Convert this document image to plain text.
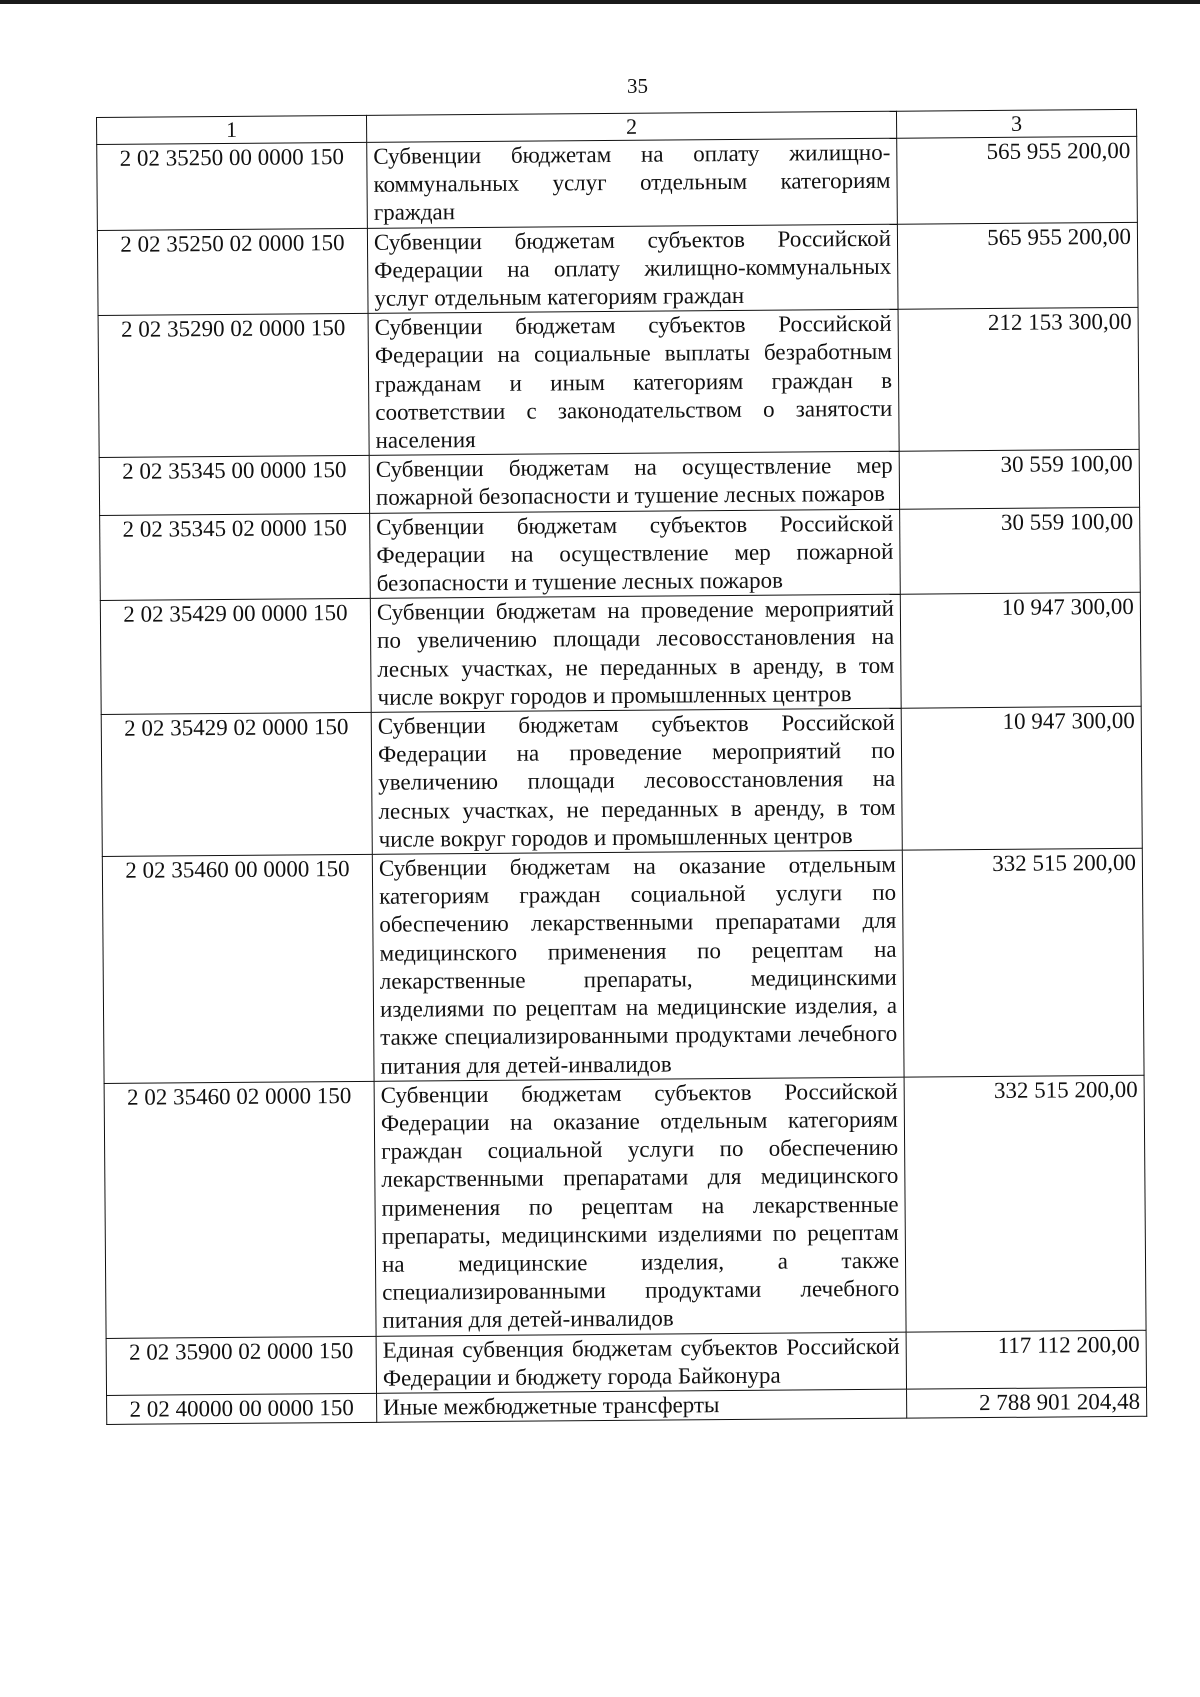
35
1	2	3
2 02 35250 00 0000 150	Субвенции бюджетам на оплату жилищно-коммунальных услуг отдельным категориям граждан	565 955 200,00
2 02 35250 02 0000 150	Субвенции бюджетам субъектов Российской Федерации на оплату жилищно-коммунальных услуг отдельным категориям граждан	565 955 200,00
2 02 35290 02 0000 150	Субвенции бюджетам субъектов Российской Федерации на социальные выплаты безработным гражданам и иным категориям граждан в соответствии с законодательством о занятости населения	212 153 300,00
2 02 35345 00 0000 150	Субвенции бюджетам на осуществление мер пожарной безопасности и тушение лесных пожаров	30 559 100,00
2 02 35345 02 0000 150	Субвенции бюджетам субъектов Российской Федерации на осуществление мер пожарной безопасности и тушение лесных пожаров	30 559 100,00
2 02 35429 00 0000 150	Субвенции бюджетам на проведение мероприятий по увеличению площади лесовосстановления на лесных участках, не переданных в аренду, в том числе вокруг городов и промышленных центров	10 947 300,00
2 02 35429 02 0000 150	Субвенции бюджетам субъектов Российской Федерации на проведение мероприятий по увеличению площади лесовосстановления на лесных участках, не переданных в аренду, в том числе вокруг городов и промышленных центров	10 947 300,00
2 02 35460 00 0000 150	Субвенции бюджетам на оказание отдельным категориям граждан социальной услуги по обеспечению лекарственными препаратами для медицинского применения по рецептам на лекарственные препараты, медицинскими изделиями по рецептам на медицинские изделия, а также специализированными продуктами лечебного питания для детей-инвалидов	332 515 200,00
2 02 35460 02 0000 150	Субвенции бюджетам субъектов Российской Федерации на оказание отдельным категориям граждан социальной услуги по обеспечению лекарственными препаратами для медицинского применения по рецептам на лекарственные препараты, медицинскими изделиями по рецептам на медицинские изделия, а также специализированными продуктами лечебного питания для детей-инвалидов	332 515 200,00
2 02 35900 02 0000 150	Единая субвенция бюджетам субъектов Российской Федерации и бюджету города Байконура	117 112 200,00
2 02 40000 00 0000 150	Иные межбюджетные трансферты	2 788 901 204,48
